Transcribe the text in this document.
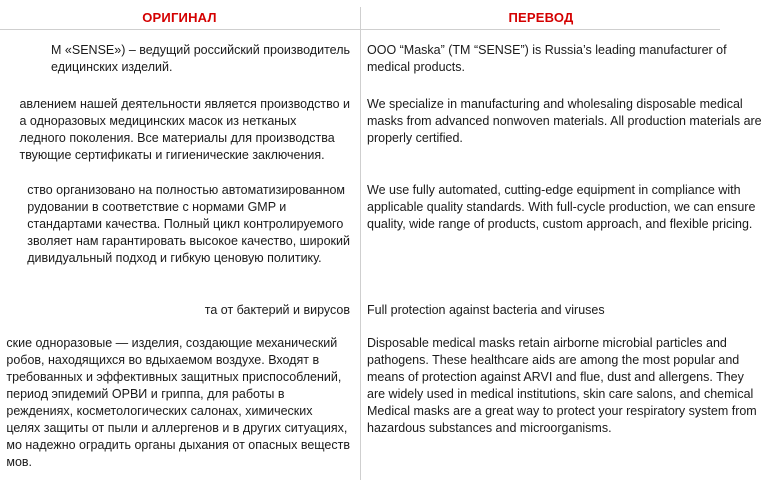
ОРИГИНАЛ	ПЕРЕВОД
M «SENSE») – ведущий российский производитель
едицинских изделий.
авлением нашей деятельности является производство и
а одноразовых медицинских масок из нетканых
ледного поколения. Все материалы для производства
твующие сертификаты и гигиенические заключения.
ство организовано на полностью автоматизированном
рудовании в соответствие с нормами GMP и
стандартами качества. Полный цикл контролируемого
зволяет нам гарантировать высокое качество, широкий
дивидуальный подход и гибкую ценовую политику.
та от бактерий и вирусов
ские одноразовые — изделия, создающие механический
робов, находящихся во вдыхаемом воздухе. Входят в
требованных и эффективных защитных приспособлений,
период эпидемий ОРВИ и гриппа, для работы в
реждениях, косметологических салонах, химических
целях защиты от пыли и аллергенов и в других ситуациях,
мо надежно оградить органы дыхания от опасных веществ
мов.
OOO “Maska” (TM “SENSE”) is Russia’s leading manufacturer of
medical products.
We specialize in manufacturing and wholesaling disposable medical
masks from advanced nonwoven materials. All production materials are
properly certified.
We use fully automated, cutting-edge equipment in compliance with
applicable quality standards. With full-cycle production, we can ensure
quality, wide range of products, custom approach, and flexible pricing.
Full protection against bacteria and viruses
Disposable medical masks retain airborne microbial particles and
pathogens. These healthcare aids are among the most popular and
means of protection against ARVI and flue, dust and allergens. They
are widely used in medical institutions, skin care salons, and chemical
Medical masks are a great way to protect your respiratory system from
hazardous substances and microorganisms.
